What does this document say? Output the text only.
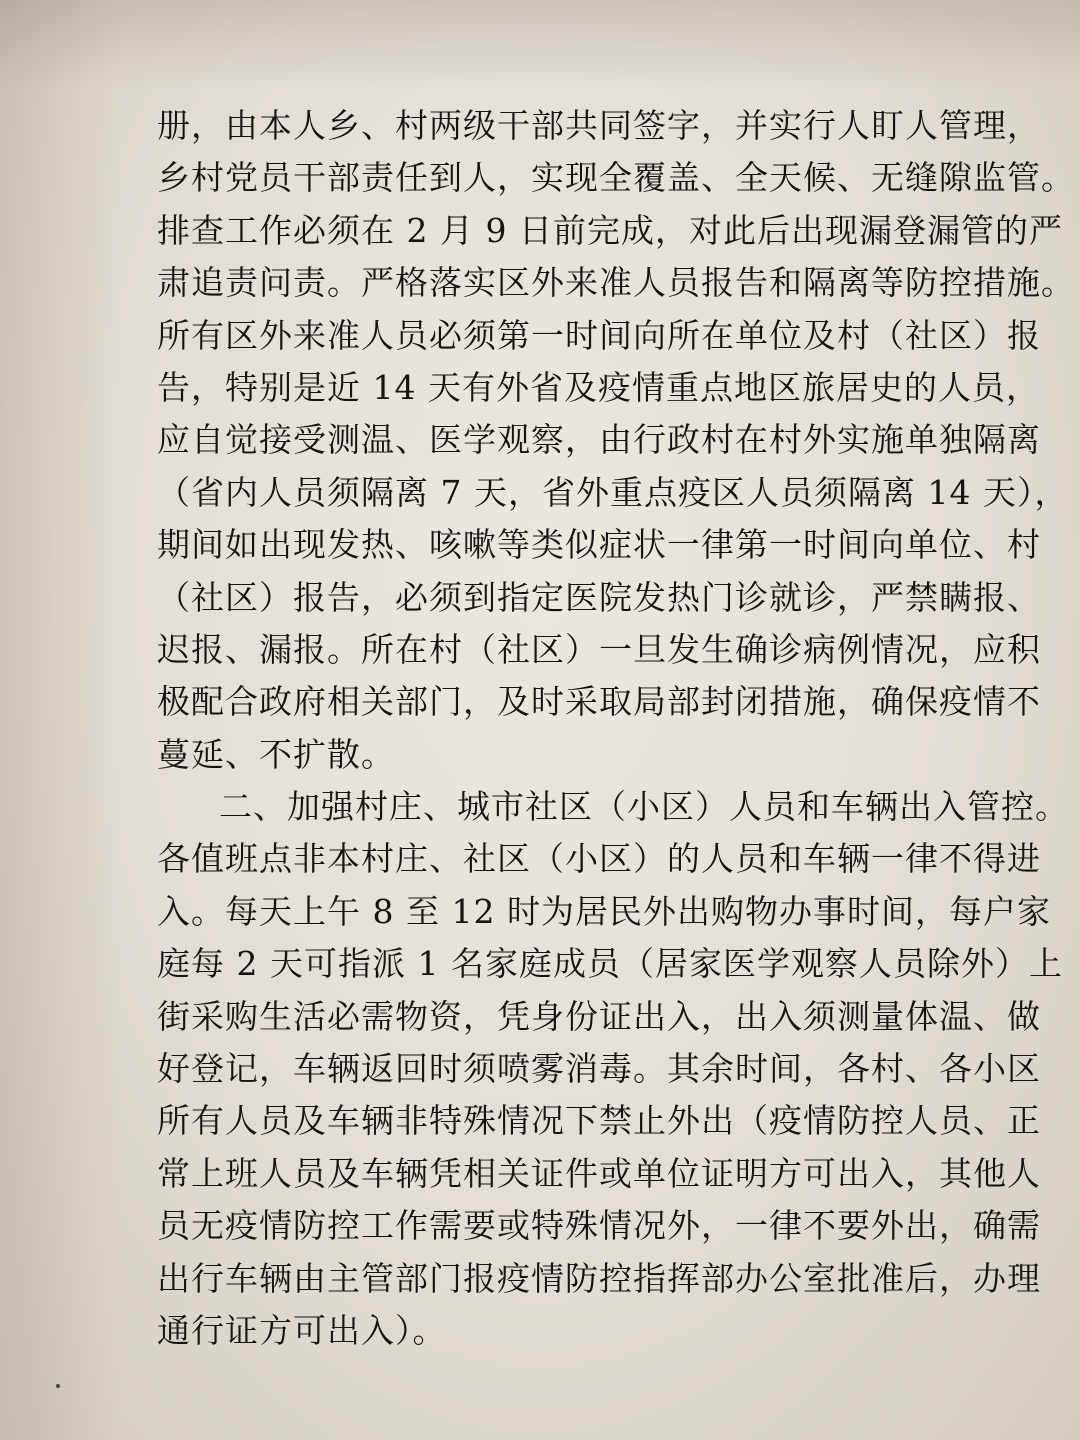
册，由本人乡、村两级干部共同签字，并实行人盯人管理，
乡村党员干部责任到人，实现全覆盖、全天候、无缝隙监管。
排查工作必须在 2 月 9 日前完成，对此后出现漏登漏管的严
肃追责问责。严格落实区外来准人员报告和隔离等防控措施。
所有区外来准人员必须第一时间向所在单位及村（社区）报
告，特别是近 14 天有外省及疫情重点地区旅居史的人员，
应自觉接受测温、医学观察，由行政村在村外实施单独隔离
（省内人员须隔离 7 天，省外重点疫区人员须隔离 14 天），
期间如出现发热、咳嗽等类似症状一律第一时间向单位、村
（社区）报告，必须到指定医院发热门诊就诊，严禁瞒报、
迟报、漏报。所在村（社区）一旦发生确诊病例情况，应积
极配合政府相关部门，及时采取局部封闭措施，确保疫情不
蔓延、不扩散。
二、加强村庄、城市社区（小区）人员和车辆出入管控。
各值班点非本村庄、社区（小区）的人员和车辆一律不得进
入。每天上午 8 至 12 时为居民外出购物办事时间，每户家
庭每 2 天可指派 1 名家庭成员（居家医学观察人员除外）上
街采购生活必需物资，凭身份证出入，出入须测量体温、做
好登记，车辆返回时须喷雾消毒。其余时间，各村、各小区
所有人员及车辆非特殊情况下禁止外出（疫情防控人员、正
常上班人员及车辆凭相关证件或单位证明方可出入，其他人
员无疫情防控工作需要或特殊情况外，一律不要外出，确需
出行车辆由主管部门报疫情防控指挥部办公室批准后，办理
通行证方可出入）。
